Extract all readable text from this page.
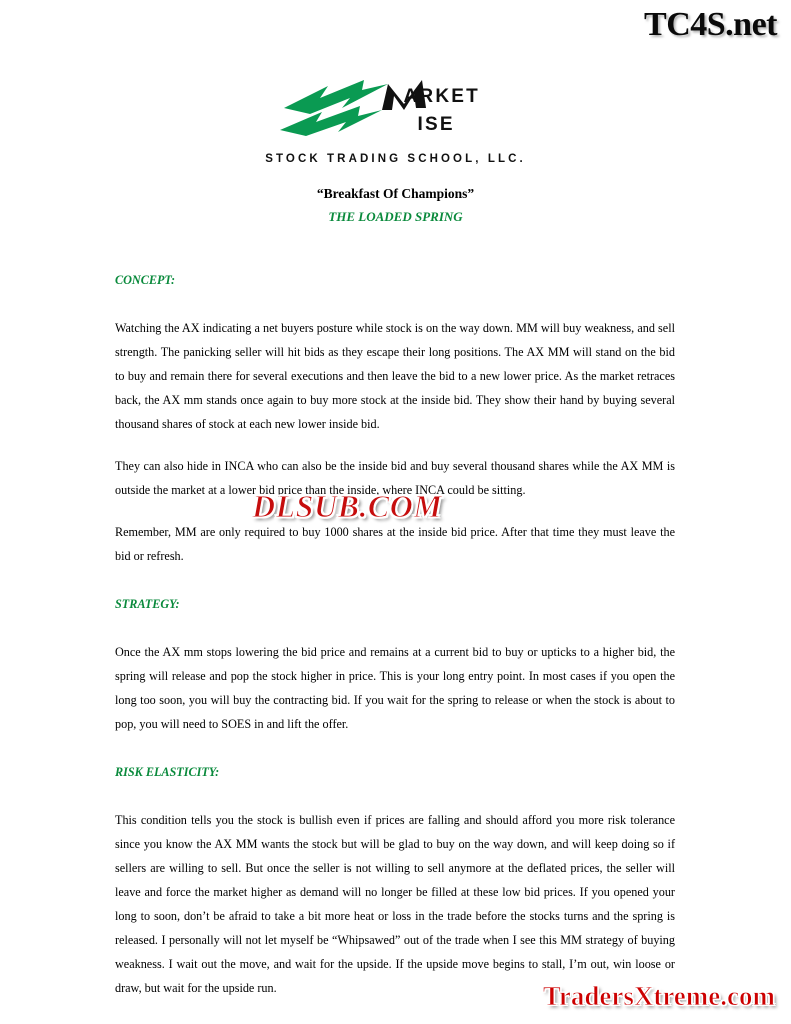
TC4S.net
ARKET
ISE
STOCK TRADING SCHOOL, LLC.
“Breakfast Of Champions”
THE LOADED SPRING
CONCEPT:

Watching the AX indicating a net buyers posture while stock is on the way down. MM will buy weakness, and sell strength. The panicking seller will hit bids as they escape their long positions. The AX MM will stand on the bid to buy and remain there for several executions and then leave the bid to a new lower price. As the market retraces back, the AX mm stands once again to buy more stock at the inside bid. They show their hand by buying several thousand shares of stock at each new lower inside bid.

They can also hide in INCA who can also be the inside bid and buy several thousand shares while the AX MM is outside the market at a lower bid price than the inside, where INCA could be sitting.

Remember, MM are only required to buy 1000 shares at the inside bid price. After that time they must leave the bid or refresh.

STRATEGY:

Once the AX mm stops lowering the bid price and remains at a current bid to buy or upticks to a higher bid, the spring will release and pop the stock higher in price. This is your long entry point. In most cases if you open the long too soon, you will buy the contracting bid. If you wait for the spring to release or when the stock is about to pop, you will need to SOES in and lift the offer.

RISK ELASTICITY:

This condition tells you the stock is bullish even if prices are falling and should afford you more risk tolerance since you know the AX MM wants the stock but will be glad to buy on the way down, and will keep doing so if sellers are willing to sell. But once the seller is not willing to sell anymore at the deflated prices, the seller will leave and force the market higher as demand will no longer be filled at these low bid prices. If you opened your long to soon, don’t be afraid to take a bit more heat or loss in the trade before the stocks turns and the spring is released. I personally will not let myself be “Whipsawed” out of the trade when I see this MM strategy of buying weakness. I wait out the move, and wait for the upside. If the upside move begins to stall, I’m out, win loose or draw, but wait for the upside run.

DLSUB.COM
TradersXtreme.com
